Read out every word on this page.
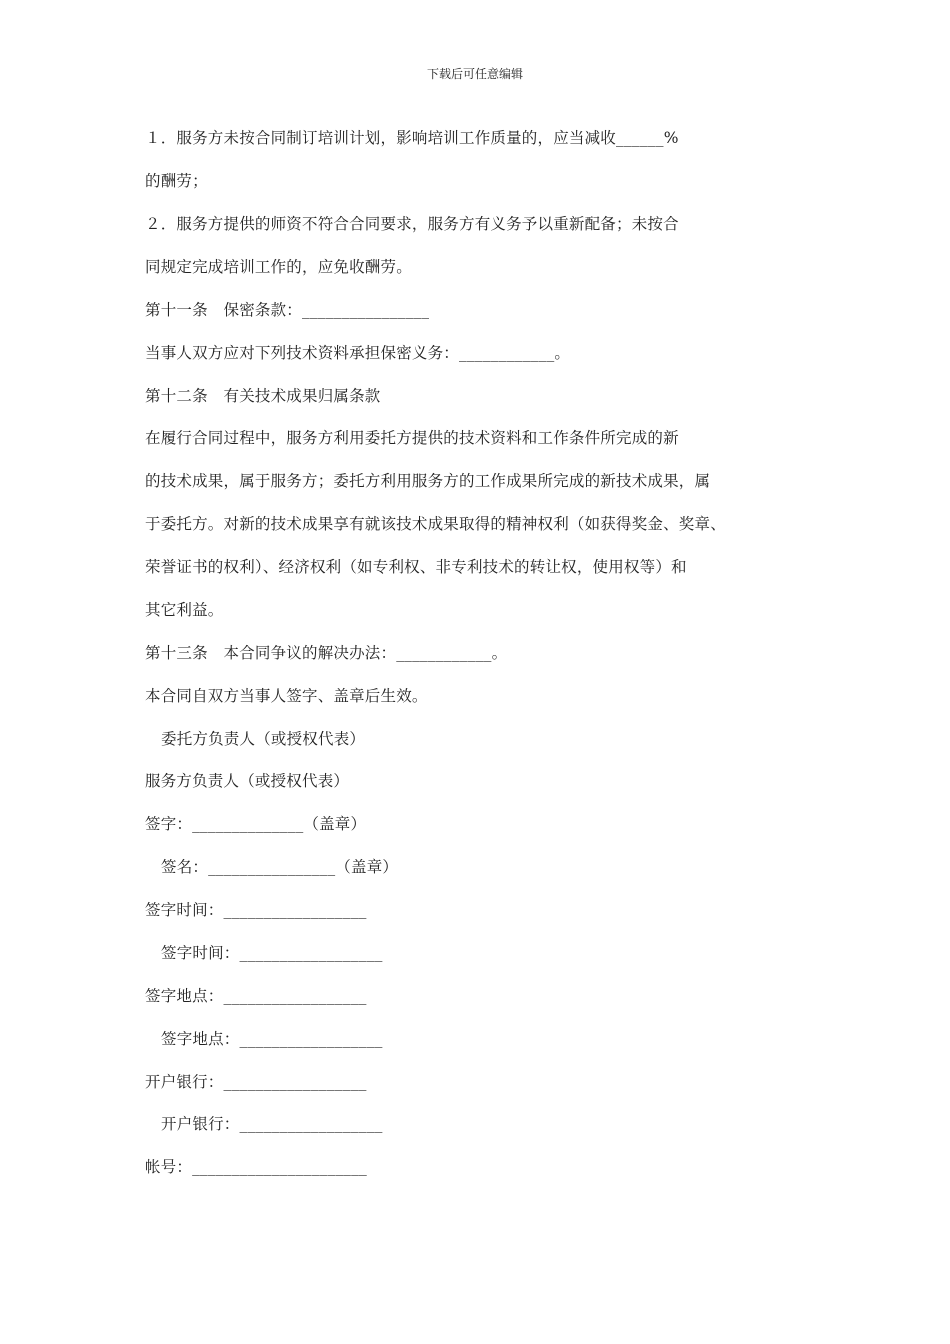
下载后可任意编辑
１．服务方未按合同制订培训计划，影响培训工作质量的，应当减收______%
的酬劳；
２．服务方提供的师资不符合合同要求，服务方有义务予以重新配备；未按合
同规定完成培训工作的，应免收酬劳。
第十一条　保密条款：________________
当事人双方应对下列技术资料承担保密义务：____________。
第十二条　有关技术成果归属条款
在履行合同过程中，服务方利用委托方提供的技术资料和工作条件所完成的新
的技术成果，属于服务方；委托方利用服务方的工作成果所完成的新技术成果，属
于委托方。对新的技术成果享有就该技术成果取得的精神权利（如获得奖金、奖章、
荣誉证书的权利）、经济权利（如专利权、非专利技术的转让权，使用权等）和
其它利益。
第十三条　本合同争议的解决办法：____________。
本合同自双方当事人签字、盖章后生效。
委托方负责人（或授权代表）
服务方负责人（或授权代表）
签字：______________（盖章）
签名：________________（盖章）
签字时间：__________________
签字时间：__________________
签字地点：__________________
签字地点：__________________
开户银行：__________________
开户银行：__________________
帐号：______________________
